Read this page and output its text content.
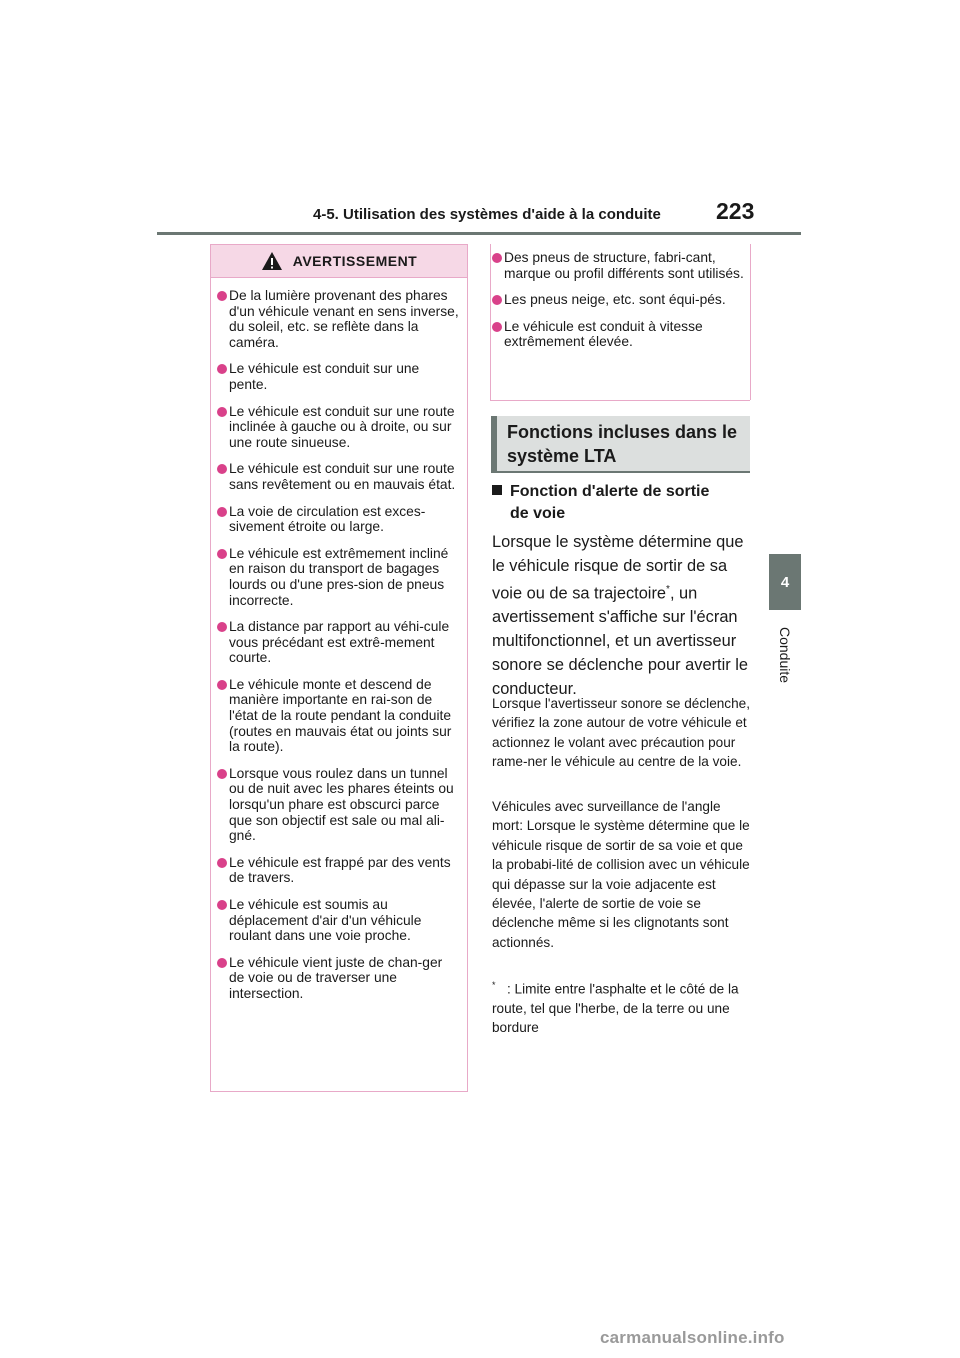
4-5. Utilisation des systèmes d'aide à la conduite 223
4
Conduite
AVERTISSEMENT
De la lumière provenant des phares d'un véhicule venant en sens inverse, du soleil, etc. se reflète dans la caméra.
Le véhicule est conduit sur une pente.
Le véhicule est conduit sur une route inclinée à gauche ou à droite, ou sur une route sinueuse.
Le véhicule est conduit sur une route sans revêtement ou en mauvais état.
La voie de circulation est exces-sivement étroite ou large.
Le véhicule est extrêmement incliné en raison du transport de bagages lourds ou d'une pres-sion de pneus incorrecte.
La distance par rapport au véhi-cule vous précédant est extrê-mement courte.
Le véhicule monte et descend de manière importante en rai-son de l'état de la route pendant la conduite (routes en mauvais état ou joints sur la route).
Lorsque vous roulez dans un tunnel ou de nuit avec les phares éteints ou lorsqu'un phare est obscurci parce que son objectif est sale ou mal ali-gné.
Le véhicule est frappé par des vents de travers.
Le véhicule est soumis au déplacement d'air d'un véhicule roulant dans une voie proche.
Le véhicule vient juste de chan-ger de voie ou de traverser une intersection.
Des pneus de structure, fabri-cant, marque ou profil différents sont utilisés.
Les pneus neige, etc. sont équi-pés.
Le véhicule est conduit à vitesse extrêmement élevée.
Fonctions incluses dans le système LTA
Fonction d'alerte de sortie
de voie

Lorsque le système détermine que le véhicule risque de sortir de sa voie ou de sa trajectoire*, un avertissement s'affiche sur l'écran multifonctionnel, et un avertisseur sonore se déclenche pour avertir le conducteur.

Lorsque l'avertisseur sonore se déclenche, vérifiez la zone autour de votre véhicule et actionnez le volant avec précaution pour rame-ner le véhicule au centre de la voie.

Véhicules avec surveillance de l'angle mort: Lorsque le système détermine que le véhicule risque de sortir de sa voie et que la probabi-lité de collision avec un véhicule qui dépasse sur la voie adjacente est élevée, l'alerte de sortie de voie se déclenche même si les clignotants sont actionnés.

* : Limite entre l'asphalte et le côté de la route, tel que l'herbe, de la terre ou une bordure
carmanualsonline.info
